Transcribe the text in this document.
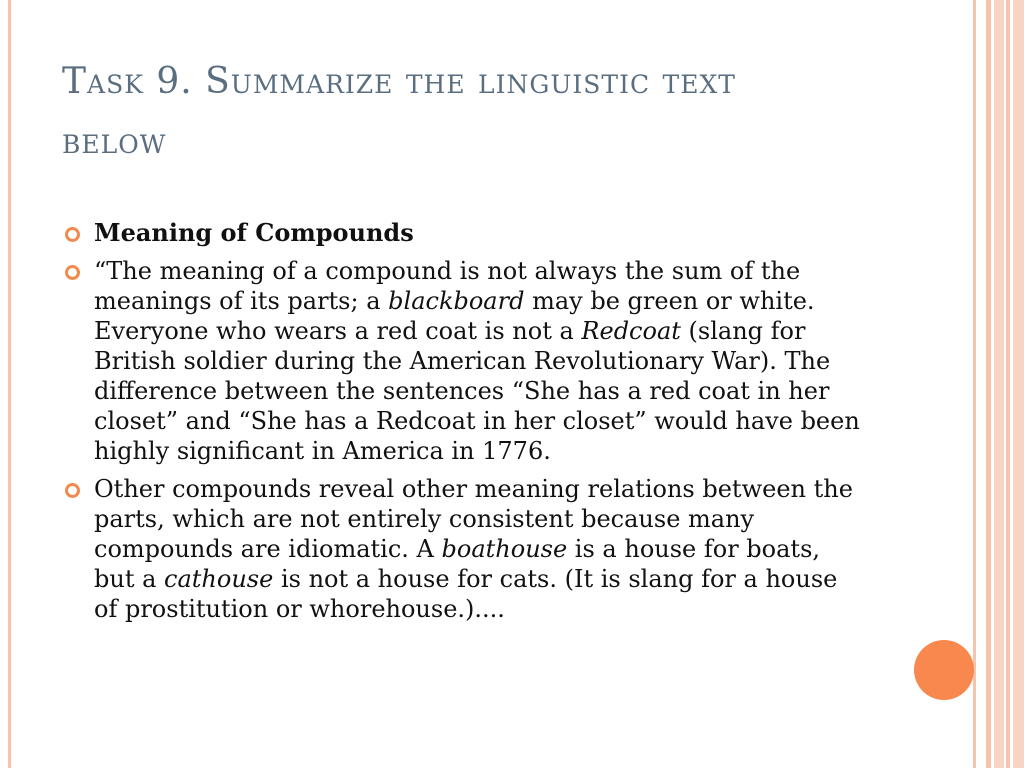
Task 9. Summarize the linguistic text below
Meaning of Compounds
“The meaning of a compound is not always the sum of the meanings of its parts; a blackboard may be green or white. Everyone who wears a red coat is not a Redcoat (slang for British soldier during the American Revolutionary War). The difference between the sentences “She has a red coat in her closet” and “She has a Redcoat in her closet” would have been highly significant in America in 1776.
Other compounds reveal other meaning relations between the parts, which are not entirely consistent because many compounds are idiomatic. A boathouse is a house for boats, but a cathouse is not a house for cats. (It is slang for a house of prostitution or whorehouse.)....
